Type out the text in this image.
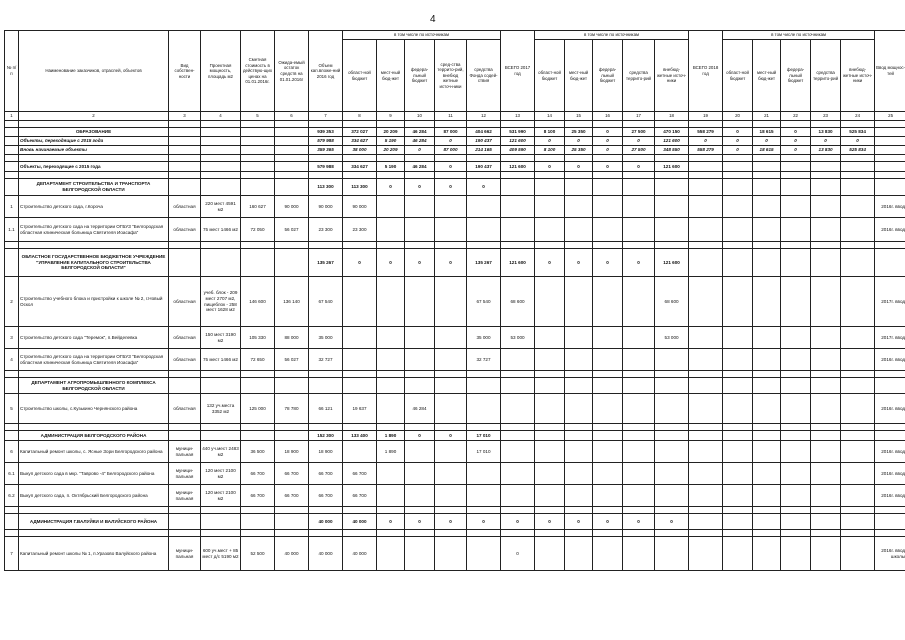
4
№ п/п	Наименование заказчиков, отраслей, объектов	Вид собствен-ности	Проектная мощность, площадь м2	Сметная стоимость в действую-щих ценах на 01.01.2016г.	Ожида-емый остаток средств на 01.01.2016г	Объем кап.вложе-ний 2016 год	в том числе по источникам					ВСЕГО 2017 год	в том числе по источникам					ВСЕГО 2018 год	в том числе по источникам					Ввод мощнос-тей
							област-ной бюджет	мест-ный бюд-жет	федера-льный бюджет	сред-ства террито-рий, внебюд жетные источ-ники	средства Фонда содей-ствия		област-ной бюджет	мест-ный бюд-жет	федера-льный бюджет	средства террито-рий	внебюд-жетные источ-ники		област-ной бюджет	мест-ный бюд-жет	федера-льный бюджет	средства террито-рий	внебюд-жетные источ-ники	
1	2	3	4	5	6	7	8	9	10	11	12	13	14	15	16	17	18	19	20	21	22	23	24	25

	ОБРАЗОВАНИЕ					939 353	372 027	20 209	46 284	87 000	404 662	531 990	8 100	25 350	0	27 500	470 150	558 279	0	18 615	0	13 830	525 834	
	Объекты, переходящие с 2015 года					579 988	334 627	5 190	46 284	0	190 437	121 600	0	0	0	0	121 600	0	0	0	0	0	0	
	Вновь начинаемые объекты					359 365	38 000	20 209	0	87 000	214 165	409 590	8 100	25 350	0	27 500	348 550	558 279	0	18 615	0	13 830	525 834	

	Объекты, переходящие с 2015 года					579 988	334 627	5 190	46 284	0	190 437	121 600	0	0	0	0	121 600							

	ДЕПАРТАМЕНТ СТРОИТЕЛЬСТВА И ТРАНСПОРТА БЕЛГОРОДСКОЙ ОБЛАСТИ					113 300	113 300	0	0	0	0													
1	Строительство детского сада, г.Короча	областная	220 мест 4591 м2	160 627	90 000	90 000	90 000																	2016г. ввод
1.1	Строительство детского сада на территории ОГБУЗ "Белгородская областная клиническая больница Святителя Иоасафа"	областная	75 мест 1466 м2	72 050	56 027	23 300	23 300																	2016г. ввод

	ОБЛАСТНОЕ ГОСУДАРСТВЕННОЕ БЮДЖЕТНОЕ УЧРЕЖДЕНИЕ "УПРАВЛЕНИЕ КАПИТАЛЬНОГО СТРОИТЕЛЬСТВА БЕЛГОРОДСКОЙ ОБЛАСТИ"					135 267	0	0	0	0	135 267	121 600	0	0	0	0	121 600							
2	Строительство учебного блока и пристройки к школе № 2, г.Новый Оскол	областная	учеб. блок - 209 мест 2707 м2, пищеблок - 258 мест 1628 м2	146 600	136 140	67 540					67 540	68 600					68 600							2017г. ввод
3	Строительство детского сада "Теремок", п.Вейделевка	областная	150 мест 3190 м2	105 330	88 000	35 000					35 000	53 000					53 000							2017г. ввод
4	Строительство детского сада на территории ОГБУЗ "Белгородская областная клиническая больница Святителя Иоасафа"	областная	75 мест 1466 м2	72 650	56 027	32 727					32 727													2016г. ввод

	ДЕПАРТАМЕНТ АГРОПРОМЫШЛЕННОГО КОМПЛЕКСА БЕЛГОРОДСКОЙ ОБЛАСТИ																							
5	Строительство школы, с.Кузькино Чернянского района	областная	132 уч.места 3352 м2	125 000	78 780	66 121	19 637		46 284															2016г. ввод

	АДМИНИСТРАЦИЯ БЕЛГОРОДСКОГО РАЙОНА					152 300	133 400	1 890	0	0	17 010													
6	Капитальный ремонт школы, с. Ясные Зори Белгородского района	муници-пальная	440 уч.мест 2483 м2	36 500	18 900	18 900		1 890			17 010													2016г. ввод
6.1	Выкуп детского сада в мкр. "Таврово -4" Белгородского района	муници-пальная	120 мест 2100 м2	66 700	66 700	66 700	66 700																	2016г. ввод
6.2	Выкуп детского сада, п. Октябрьский Белгородского района	муници-пальная	120 мест 2100 м2	66 700	66 700	66 700	66 700																	2016г. ввод

	АДМИНИСТРАЦИЯ Г.ВАЛУЙКИ И ВАЛУЙСКОГО РАЙОНА					40 000	40 000	0	0	0	0	0	0	0	0	0	0							

7	Капитальный ремонт школы № 1, п.Уразово Валуйского района	муници-пальная	600 уч.мест + 85 мест д/с 5190 м2	52 500	40 000	40 000	40 000					0												2016г. ввод школы
